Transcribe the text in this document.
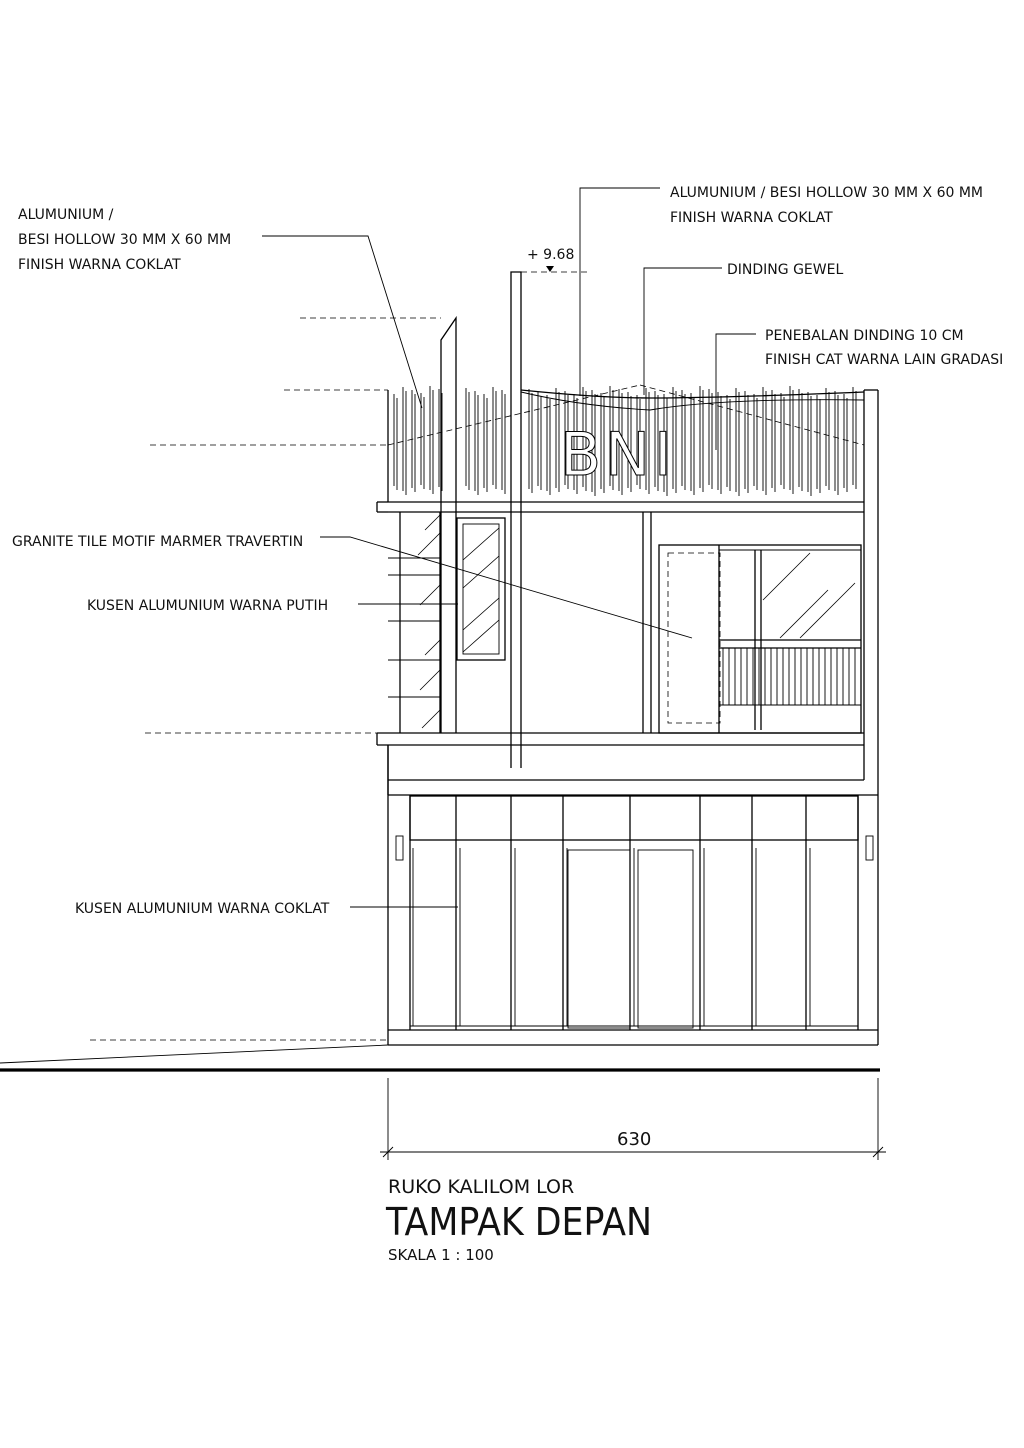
BNI
ALUMUNIUM /
BESI HOLLOW 30 MM X 60 MM
FINISH WARNA COKLAT
ALUMUNIUM / BESI HOLLOW 30 MM X 60 MM
FINISH WARNA COKLAT
+ 9.68
DINDING GEWEL
PENEBALAN DINDING 10 CM
FINISH CAT WARNA LAIN GRADASI
GRANITE TILE MOTIF MARMER TRAVERTIN
KUSEN ALUMUNIUM WARNA PUTIH
KUSEN ALUMUNIUM WARNA COKLAT
630
RUKO KALILOM LOR
TAMPAK DEPAN
SKALA 1 : 100
